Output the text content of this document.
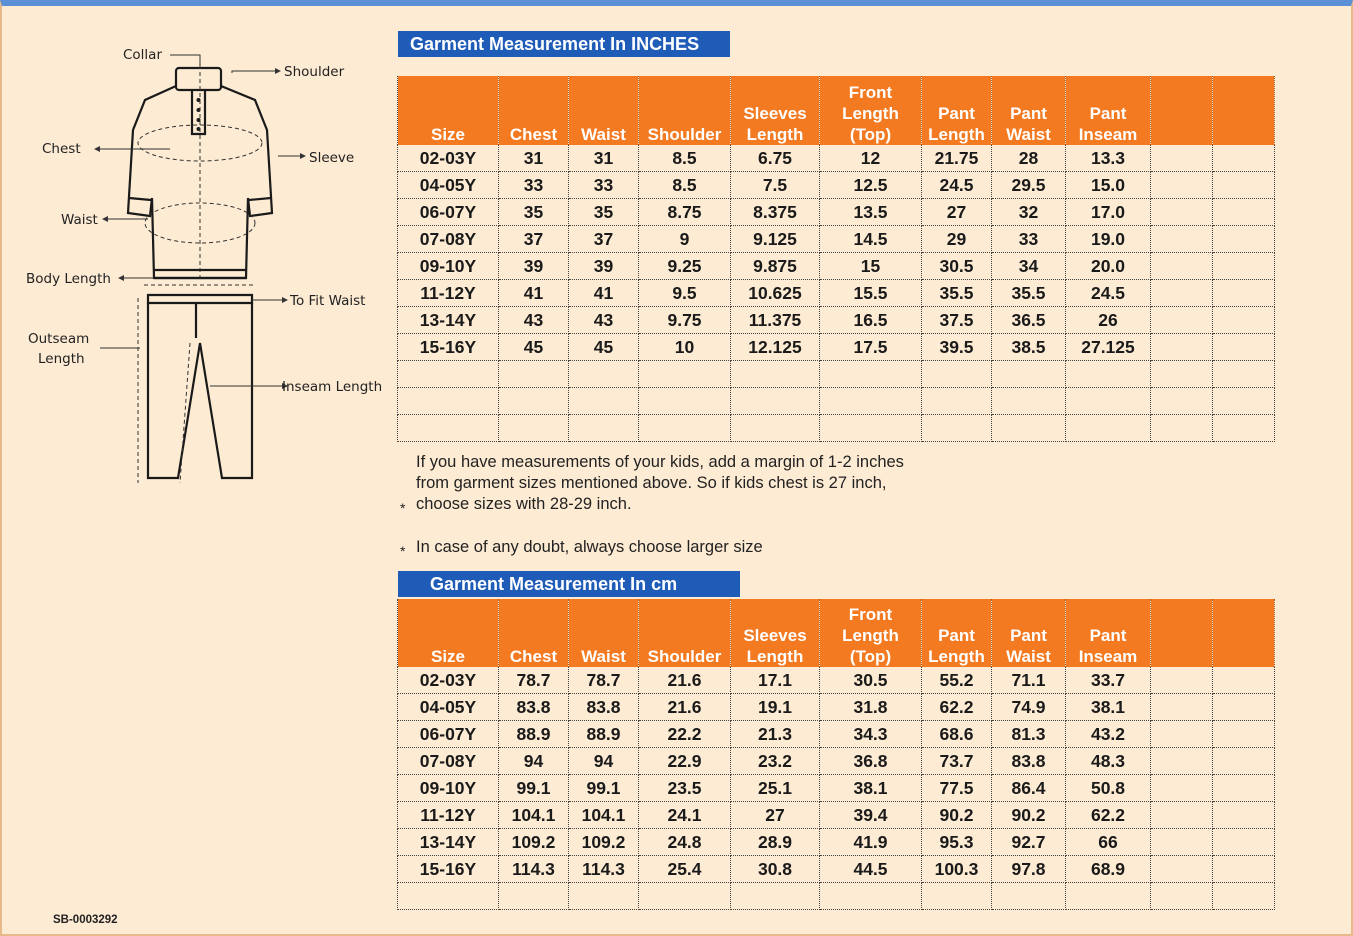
Collar
Shoulder
Chest
Sleeve
Waist
Body Length
To Fit Waist
Outseam
Length
Inseam Length
Garment Measurement In INCHES
Size	Chest	Waist	Shoulder	Sleeves Length	Front Length (Top)	Pant Length	Pant Waist	Pant Inseam		
02-03Y	31	31	8.5	6.75	12	21.75	28	13.3		
04-05Y	33	33	8.5	7.5	12.5	24.5	29.5	15.0		
06-07Y	35	35	8.75	8.375	13.5	27	32	17.0		
07-08Y	37	37	9	9.125	14.5	29	33	19.0		
09-10Y	39	39	9.25	9.875	15	30.5	34	20.0		
11-12Y	41	41	9.5	10.625	15.5	35.5	35.5	24.5		
13-14Y	43	43	9.75	11.375	16.5	37.5	36.5	26		
15-16Y	45	45	10	12.125	17.5	39.5	38.5	27.125		

*
If you have measurements of your kids, add a margin of 1-2 inches from garment sizes mentioned above. So if kids chest is 27 inch, choose sizes with 28-29 inch.
* In case of any doubt, always choose larger size
Garment Measurement In cm
Size	Chest	Waist	Shoulder	Sleeves Length	Front Length (Top)	Pant Length	Pant Waist	Pant Inseam		
02-03Y	78.7	78.7	21.6	17.1	30.5	55.2	71.1	33.7		
04-05Y	83.8	83.8	21.6	19.1	31.8	62.2	74.9	38.1		
06-07Y	88.9	88.9	22.2	21.3	34.3	68.6	81.3	43.2		
07-08Y	94	94	22.9	23.2	36.8	73.7	83.8	48.3		
09-10Y	99.1	99.1	23.5	25.1	38.1	77.5	86.4	50.8		
11-12Y	104.1	104.1	24.1	27	39.4	90.2	90.2	62.2		
13-14Y	109.2	109.2	24.8	28.9	41.9	95.3	92.7	66		
15-16Y	114.3	114.3	25.4	30.8	44.5	100.3	97.8	68.9		

SB-0003292
